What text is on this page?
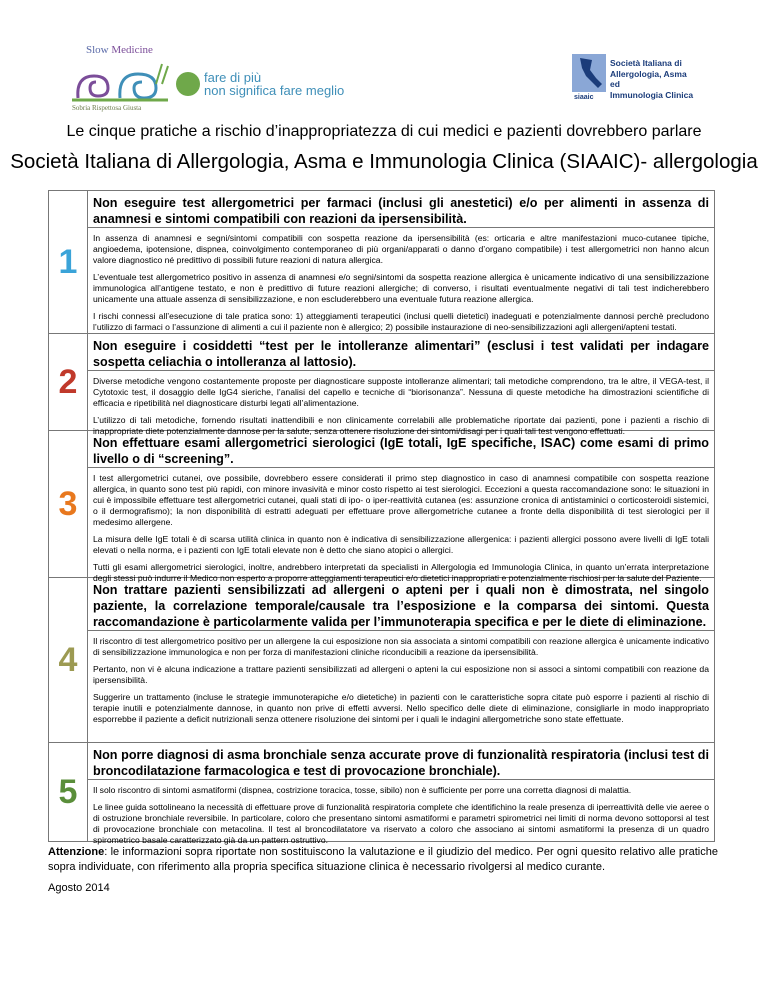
Slow Medicine
Sobria Rispettosa Giusta
fare di più
non significa fare meglio	siaaic
Società Italiana di
Allergologia, Asma ed
Immunologia Clinica
Le cinque pratiche a rischio d’inappropriatezza di cui medici e pazienti dovrebbero parlare
Società Italiana di Allergologia, Asma e Immunologia Clinica (SIAAIC)- allergologia
1
Non eseguire test allergometrici per farmaci (inclusi gli anestetici) e/o per alimenti in assenza di anamnesi e sintomi compatibili con reazioni da ipersensibilità.

In assenza di anamnesi e segni/sintomi compatibili con sospetta reazione da ipersensibilità (es: orticaria e altre manifestazioni muco-cutanee tipiche, angioedema, ipotensione, dispnea, coinvolgimento contemporaneo di più organi/apparati o danno d’organo compatibile) i test allergometrici non hanno alcun valore diagnostico né predittivo di possibili future reazioni di natura allergica.

L’eventuale test allergometrico positivo in assenza di anamnesi e/o segni/sintomi da sospetta reazione allergica è unicamente indicativo di una sensibilizzazione immunologica all’antigene testato, e non è predittivo di future reazioni allergiche; di converso, i risultati eventualmente negativi di tali test indicherebbero unicamente una attuale assenza di sensibilizzazione, e non escluderebbero una eventuale futura reazione allergica.

I rischi connessi all’esecuzione di tale pratica sono: 1) atteggiamenti terapeutici (inclusi quelli dietetici) inadeguati e potenzialmente dannosi perchè precludono l’utilizzo di farmaci o l’assunzione di alimenti a cui il paziente non è allergico; 2) possibile instaurazione di neo-sensibilizzazioni agli allergeni/apteni testati.

2
Non eseguire i cosiddetti “test per le intolleranze alimentari” (esclusi i test validati per indagare sospetta celiachia o intolleranza al lattosio).

Diverse metodiche vengono costantemente proposte per diagnosticare supposte intolleranze alimentari; tali metodiche comprendono, tra le altre, il VEGA-test, il Cytotoxic test, il dosaggio delle IgG4 sieriche, l’analisi del capello e tecniche di “biorisonanza”. Nessuna di queste metodiche ha dimostrazioni scientifiche di efficacia e ripetibilità nel diagnosticare disturbi legati all’alimentazione.

L’utilizzo di tali metodiche, fornendo risultati inattendibili e non clinicamente correlabili alle problematiche riportate dai pazienti, pone i pazienti a rischio di inappropriate diete potenzialmente dannose per la salute, senza ottenere risoluzione dei sintomi/disagi per i quali tali test vengono effettuati.

3
Non effettuare esami allergometrici sierologici (IgE totali, IgE specifiche, ISAC) come esami di primo livello o di “screening”.

I test allergometrici cutanei, ove possibile, dovrebbero essere considerati il primo step diagnostico in caso di anamnesi compatibile con sospetta reazione allergica, in quanto sono test più rapidi, con minore invasività e minor costo rispetto ai test sierologici. Eccezioni a questa raccomandazione sono: le situazioni in cui è impossibile effettuare test allergometrici cutanei, quali stati di ipo- o iper-reattività cutanea (es: assunzione cronica di antistaminici o corticosteroidi sistemici, o il dermografismo); la non disponibilità di estratti adeguati per effettuare prove allergometriche cutanee a fronte della disponibilità di test sierologici per il medesimo allergene.

La misura delle IgE totali è di scarsa utilità clinica in quanto non è indicativa di sensibilizzazione allergenica: i pazienti allergici possono avere livelli di IgE totali elevati o nella norma, e i pazienti con IgE totali elevate non è detto che siano atopici o allergici.

Tutti gli esami allergometrici sierologici, inoltre, andrebbero interpretati da specialisti in Allergologia ed Immunologia Clinica, in quanto un’errata interpretazione degli stessi può indurre il Medico non esperto a proporre atteggiamenti terapeutici e/o dietetici inappropriati e potenzialmente rischiosi per la salute del Paziente.

4
Non trattare pazienti sensibilizzati ad allergeni o apteni per i quali non è dimostrata, nel singolo paziente, la correlazione temporale/causale tra l’esposizione e la comparsa dei sintomi. Questa raccomandazione è particolarmente valida per l’immunoterapia specifica e per le diete di eliminazione.

Il riscontro di test allergometrico positivo per un allergene la cui esposizione non sia associata a sintomi compatibili con reazione allergica è unicamente indicativo di sensibilizzazione immunologica e non per forza di manifestazioni cliniche riconducibili a reazione da ipersensibilità.

Pertanto, non vi è alcuna indicazione a trattare pazienti sensibilizzati ad allergeni o apteni la cui esposizione non si associ a sintomi compatibili con reazione da ipersensibilità.

Suggerire un trattamento (incluse le strategie immunoterapiche e/o dietetiche) in pazienti con le caratteristiche sopra citate può esporre i pazienti al rischio di terapie inutili e potenzialmente dannose, in quanto non prive di effetti avversi. Nello specifico delle diete di eliminazione, consigliarle in modo inappropriato esporrebbe il paziente a deficit nutrizionali senza ottenere risoluzione dei sintomi per i quali le indagini allergometriche sono state effettuate.

5
Non porre diagnosi di asma bronchiale senza accurate prove di funzionalità respiratoria (inclusi test di broncodilatazione farmacologica e test di provocazione bronchiale).

Il solo riscontro di sintomi asmatiformi (dispnea, costrizione toracica, tosse, sibilo) non è sufficiente per porre una corretta diagnosi di malattia.

Le linee guida sottolineano la necessità di effettuare prove di funzionalità respiratoria complete che identifichino la reale presenza di iperreattività delle vie aeree o di ostruzione bronchiale reversibile. In particolare, coloro che presentano sintomi asmatiformi e parametri spirometrici nei limiti di norma devono sottoporsi al test di provocazione bronchiale con metacolina. Il test al broncodilatatore va riservato a coloro che associano ai sintomi asmatiformi la presenza di un quadro spirometrico basale caratterizzato già da un pattern ostruttivo.

Attenzione: le informazioni sopra riportate non sostituiscono la valutazione e il giudizio del medico. Per ogni quesito relativo alle pratiche sopra individuate, con riferimento alla propria specifica situazione clinica è necessario rivolgersi al medico curante.
Agosto 2014
